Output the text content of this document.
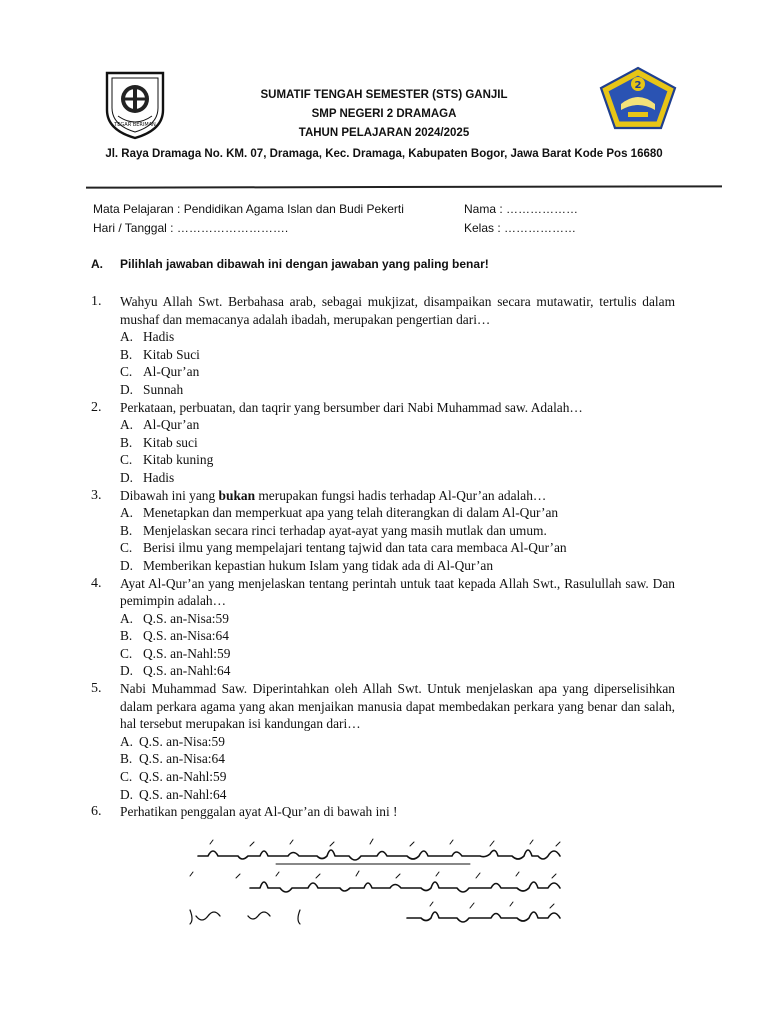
TEGAR BERIMAN
2
SUMATIF TENGAH SEMESTER (STS) GANJIL
SMP NEGERI 2 DRAMAGA
TAHUN PELAJARAN 2024/2025
Jl. Raya Dramaga No. KM. 07, Dramaga, Kec. Dramaga, Kabupaten Bogor, Jawa Barat Kode Pos 16680
Mata Pelajaran : Pendidikan Agama Islan dan Budi Pekerti
Hari / Tanggal : ……………………….
Nama : ………………
Kelas : ………………
A. Pilihlah jawaban dibawah ini dengan jawaban yang paling benar!
1.	Wahyu Allah Swt. Berbahasa arab, sebagai mukjizat, disampaikan secara mutawatir, tertulis dalam mushaf dan memacanya adalah ibadah, merupakan pengertian dari…
A. Hadis
B. Kitab Suci
C. Al-Qur’an
D. Sunnah
2.	Perkataan, perbuatan, dan taqrir yang bersumber dari Nabi Muhammad saw. Adalah…
A. Al-Qur’an
B. Kitab suci
C. Kitab kuning
D. Hadis
3.	Dibawah ini yang bukan merupakan fungsi hadis terhadap Al-Qur’an adalah…
A. Menetapkan dan memperkuat apa yang telah diterangkan di dalam Al-Qur’an
B. Menjelaskan secara rinci terhadap ayat-ayat yang masih mutlak dan umum.
C. Berisi ilmu yang mempelajari tentang tajwid dan tata cara membaca Al-Qur’an
D. Memberikan kepastian hukum Islam yang tidak ada di Al-Qur’an
4.	Ayat Al-Qur’an yang menjelaskan tentang perintah untuk taat kepada Allah Swt., Rasulullah saw. Dan pemimpin adalah…
A. Q.S. an-Nisa:59
B. Q.S. an-Nisa:64
C. Q.S. an-Nahl:59
D. Q.S. an-Nahl:64
5.	Nabi Muhammad Saw. Diperintahkan oleh Allah Swt. Untuk menjelaskan apa yang diperselisihkan dalam perkara agama yang akan menjaikan manusia dapat membedakan perkara yang benar dan salah, hal tersebut merupakan isi kandungan dari…
A. Q.S. an-Nisa:59
B. Q.S. an-Nisa:64
C. Q.S. an-Nahl:59
D. Q.S. an-Nahl:64
6.	Perhatikan penggalan ayat Al-Qur’an di bawah ini !
